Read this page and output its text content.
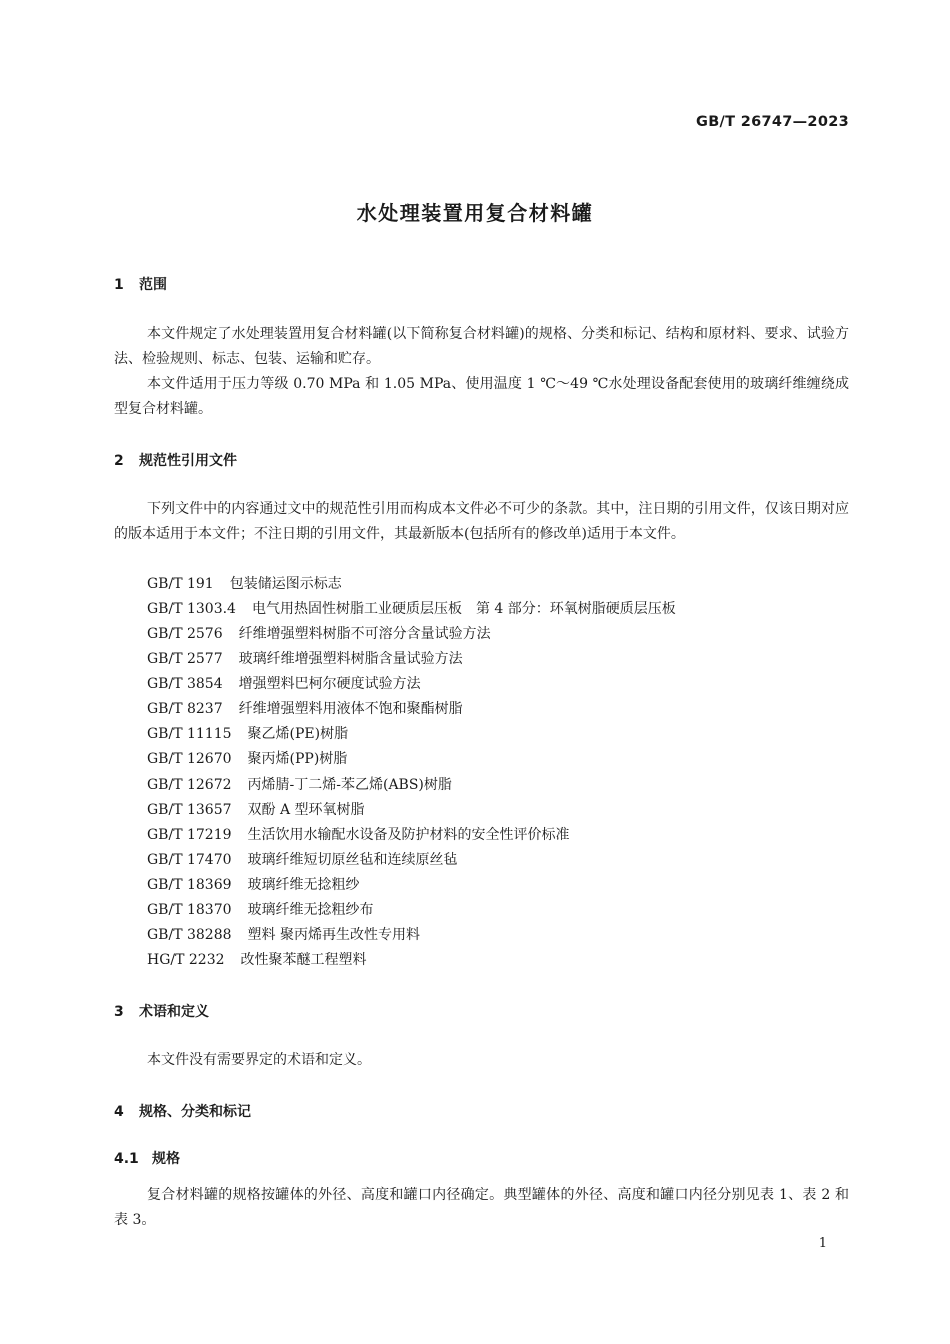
GB/T 26747—2023
水处理装置用复合材料罐
1 范围

本文件规定了水处理装置用复合材料罐(以下简称复合材料罐)的规格、分类和标记、结构和原材料、要求、试验方法、检验规则、标志、包装、运输和贮存。

本文件适用于压力等级 0.70 MPa 和 1.05 MPa、使用温度 1 ℃～49 ℃水处理设备配套使用的玻璃纤维缠绕成型复合材料罐。

2 规范性引用文件

下列文件中的内容通过文中的规范性引用而构成本文件必不可少的条款。其中，注日期的引用文件，仅该日期对应的版本适用于本文件；不注日期的引用文件，其最新版本(包括所有的修改单)适用于本文件。

GB/T 191 包装储运图示标志
GB/T 1303.4 电气用热固性树脂工业硬质层压板　第 4 部分：环氧树脂硬质层压板
GB/T 2576 纤维增强塑料树脂不可溶分含量试验方法
GB/T 2577 玻璃纤维增强塑料树脂含量试验方法
GB/T 3854 增强塑料巴柯尔硬度试验方法
GB/T 8237 纤维增强塑料用液体不饱和聚酯树脂
GB/T 11115 聚乙烯(PE)树脂
GB/T 12670 聚丙烯(PP)树脂
GB/T 12672 丙烯腈-丁二烯-苯乙烯(ABS)树脂
GB/T 13657 双酚 A 型环氧树脂
GB/T 17219 生活饮用水输配水设备及防护材料的安全性评价标准
GB/T 17470 玻璃纤维短切原丝毡和连续原丝毡
GB/T 18369 玻璃纤维无捻粗纱
GB/T 18370 玻璃纤维无捻粗纱布
GB/T 38288 塑料 聚丙烯再生改性专用料
HG/T 2232 改性聚苯醚工程塑料
3 术语和定义

本文件没有需要界定的术语和定义。

4 规格、分类和标记
4.1 规格

复合材料罐的规格按罐体的外径、高度和罐口内径确定。典型罐体的外径、高度和罐口内径分别见表 1、表 2 和表 3。

1
